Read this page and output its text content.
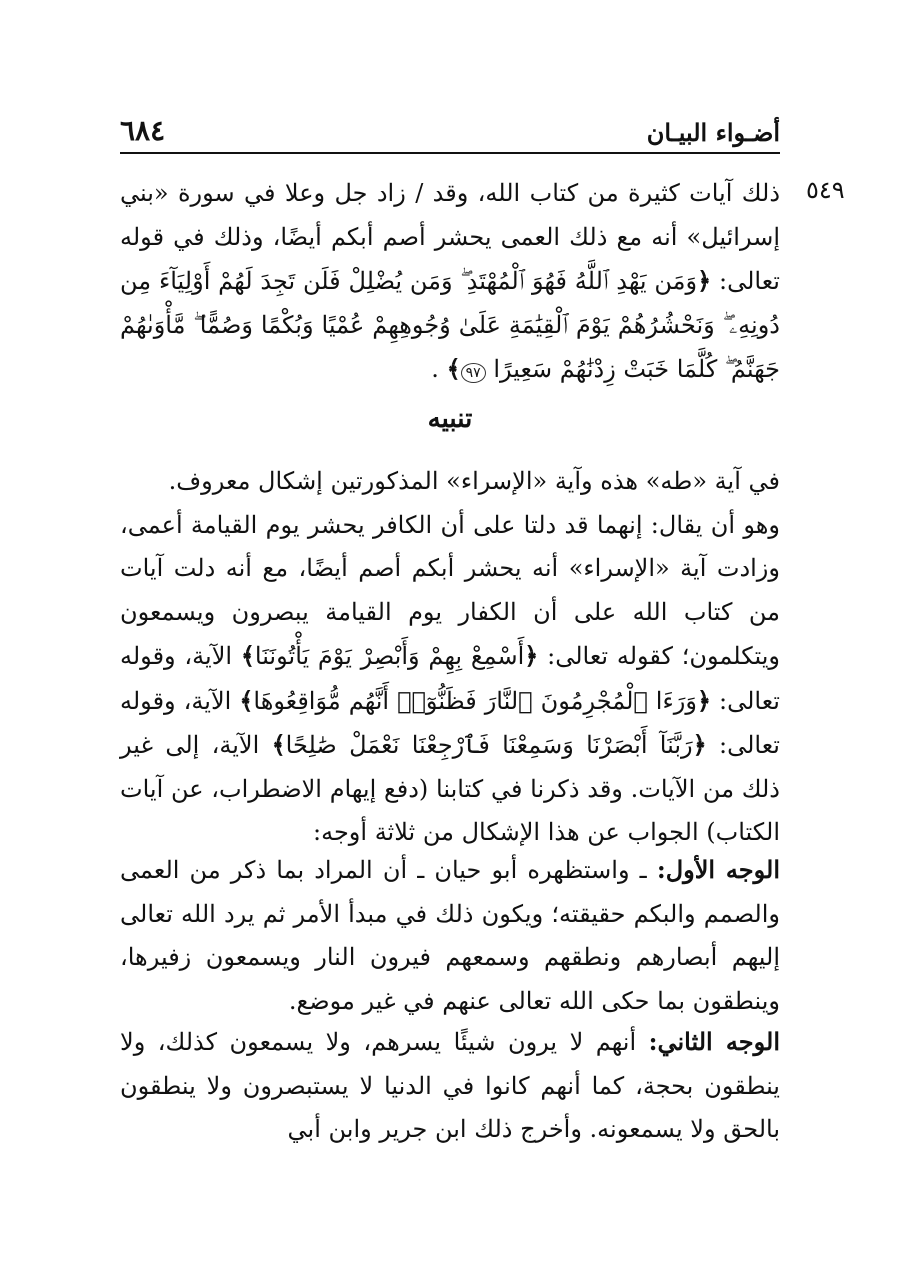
أضـواء البيـان
٦٨٤
٥٤٩

ذلك آيات كثيرة من كتاب الله، وقد / زاد جل وعلا في سورة «بني إسرائيل» أنه مع ذلك العمى يحشر أصم أبكم أيضًا، وذلك في قوله تعالى: ﴿وَمَن يَهْدِ ٱللَّهُ فَهُوَ ٱلْمُهْتَدِ ۖ وَمَن يُضْلِلْ فَلَن تَجِدَ لَهُمْ أَوْلِيَآءَ مِن دُونِهِۦ ۖ وَنَحْشُرُهُمْ يَوْمَ ٱلْقِيَٰمَةِ عَلَىٰ وُجُوهِهِمْ عُمْيًا وَبُكْمًا وَصُمًّا ۖ مَّأْوَىٰهُمْ جَهَنَّمُ ۖ كُلَّمَا خَبَتْ زِدْنَٰهُمْ سَعِيرًا ٩٧﴾ .

تنبيه

في آية «طه» هذه وآية «الإسراء» المذكورتين إشكال معروف.

وهو أن يقال: إنهما قد دلتا على أن الكافر يحشر يوم القيامة أعمى، وزادت آية «الإسراء» أنه يحشر أبكم أصم أيضًا، مع أنه دلت آيات من كتاب الله على أن الكفار يوم القيامة يبصرون ويسمعون ويتكلمون؛ كقوله تعالى: ﴿أَسْمِعْ بِهِمْ وَأَبْصِرْ يَوْمَ يَأْتُونَنَا﴾ الآية، وقوله تعالى: ﴿وَرَءَا ٱلْمُجْرِمُونَ ٱلنَّارَ فَظَنُّوٓا۟ أَنَّهُم مُّوَاقِعُوهَا﴾ الآية، وقوله تعالى: ﴿رَبَّنَآ أَبْصَرْنَا وَسَمِعْنَا فَٱرْجِعْنَا نَعْمَلْ صَٰلِحًا﴾ الآية، إلى غير ذلك من الآيات. وقد ذكرنا في كتابنا (دفع إيهام الاضطراب، عن آيات الكتاب) الجواب عن هذا الإشكال من ثلاثة أوجه:

الوجه الأول: ـ واستظهره أبو حيان ـ أن المراد بما ذكر من العمى والصمم والبكم حقيقته؛ ويكون ذلك في مبدأ الأمر ثم يرد الله تعالى إليهم أبصارهم ونطقهم وسمعهم فيرون النار ويسمعون زفيرها، وينطقون بما حكى الله تعالى عنهم في غير موضع.

الوجه الثاني: أنهم لا يرون شيئًا يسرهم، ولا يسمعون كذلك، ولا ينطقون بحجة، كما أنهم كانوا في الدنيا لا يستبصرون ولا ينطقون بالحق ولا يسمعونه. وأخرج ذلك ابن جرير وابن أبي
